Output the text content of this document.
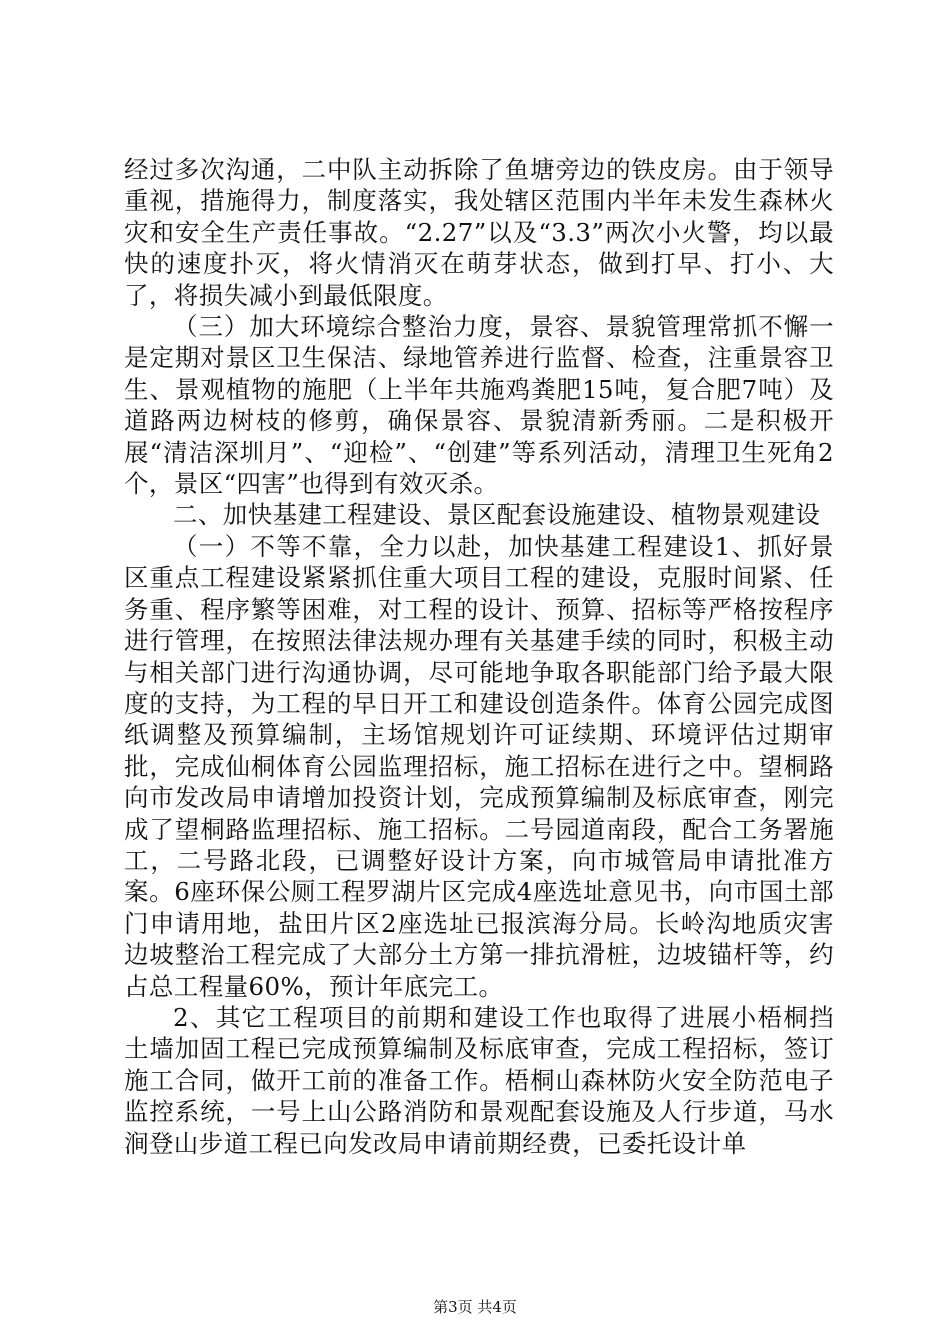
经过多次沟通，二中队主动拆除了鱼塘旁边的铁皮房。由于领导重视，措施得力，制度落实，我处辖区范围内半年未发生森林火灾和安全生产责任事故。“2.27”以及“3.3”两次小火警，均以最快的速度扑灭，将火情消灭在萌芽状态，做到打早、打小、大了，将损失减小到最低限度。

（三）加大环境综合整治力度，景容、景貌管理常抓不懈一是定期对景区卫生保洁、绿地管养进行监督、检查，注重景容卫生、景观植物的施肥（上半年共施鸡粪肥15吨，复合肥7吨）及道路两边树枝的修剪，确保景容、景貌清新秀丽。二是积极开展“清洁深圳月”、“迎检”、“创建”等系列活动，清理卫生死角2个，景区“四害”也得到有效灭杀。

二、加快基建工程建设、景区配套设施建设、植物景观建设

（一）不等不靠，全力以赴，加快基建工程建设1、抓好景区重点工程建设紧紧抓住重大项目工程的建设，克服时间紧、任务重、程序繁等困难，对工程的设计、预算、招标等严格按程序进行管理，在按照法律法规办理有关基建手续的同时，积极主动与相关部门进行沟通协调，尽可能地争取各职能部门给予最大限度的支持，为工程的早日开工和建设创造条件。体育公园完成图纸调整及预算编制，主场馆规划许可证续期、环境评估过期审批，完成仙桐体育公园监理招标，施工招标在进行之中。望桐路向市发改局申请增加投资计划，完成预算编制及标底审查，刚完成了望桐路监理招标、施工招标。二号园道南段，配合工务署施工，二号路北段，已调整好设计方案，向市城管局申请批准方案。6座环保公厕工程罗湖片区完成4座选址意见书，向市国土部门申请用地，盐田片区2座选址已报滨海分局。长岭沟地质灾害边坡整治工程完成了大部分土方第一排抗滑桩，边坡锚杆等，约占总工程量60%，预计年底完工。

2、其它工程项目的前期和建设工作也取得了进展小梧桐挡土墙加固工程已完成预算编制及标底审查，完成工程招标，签订施工合同，做开工前的准备工作。梧桐山森林防火安全防范电子监控系统，一号上山公路消防和景观配套设施及人行步道，马水涧登山步道工程已向发改局申请前期经费，已委托设计单

第3页 共4页
